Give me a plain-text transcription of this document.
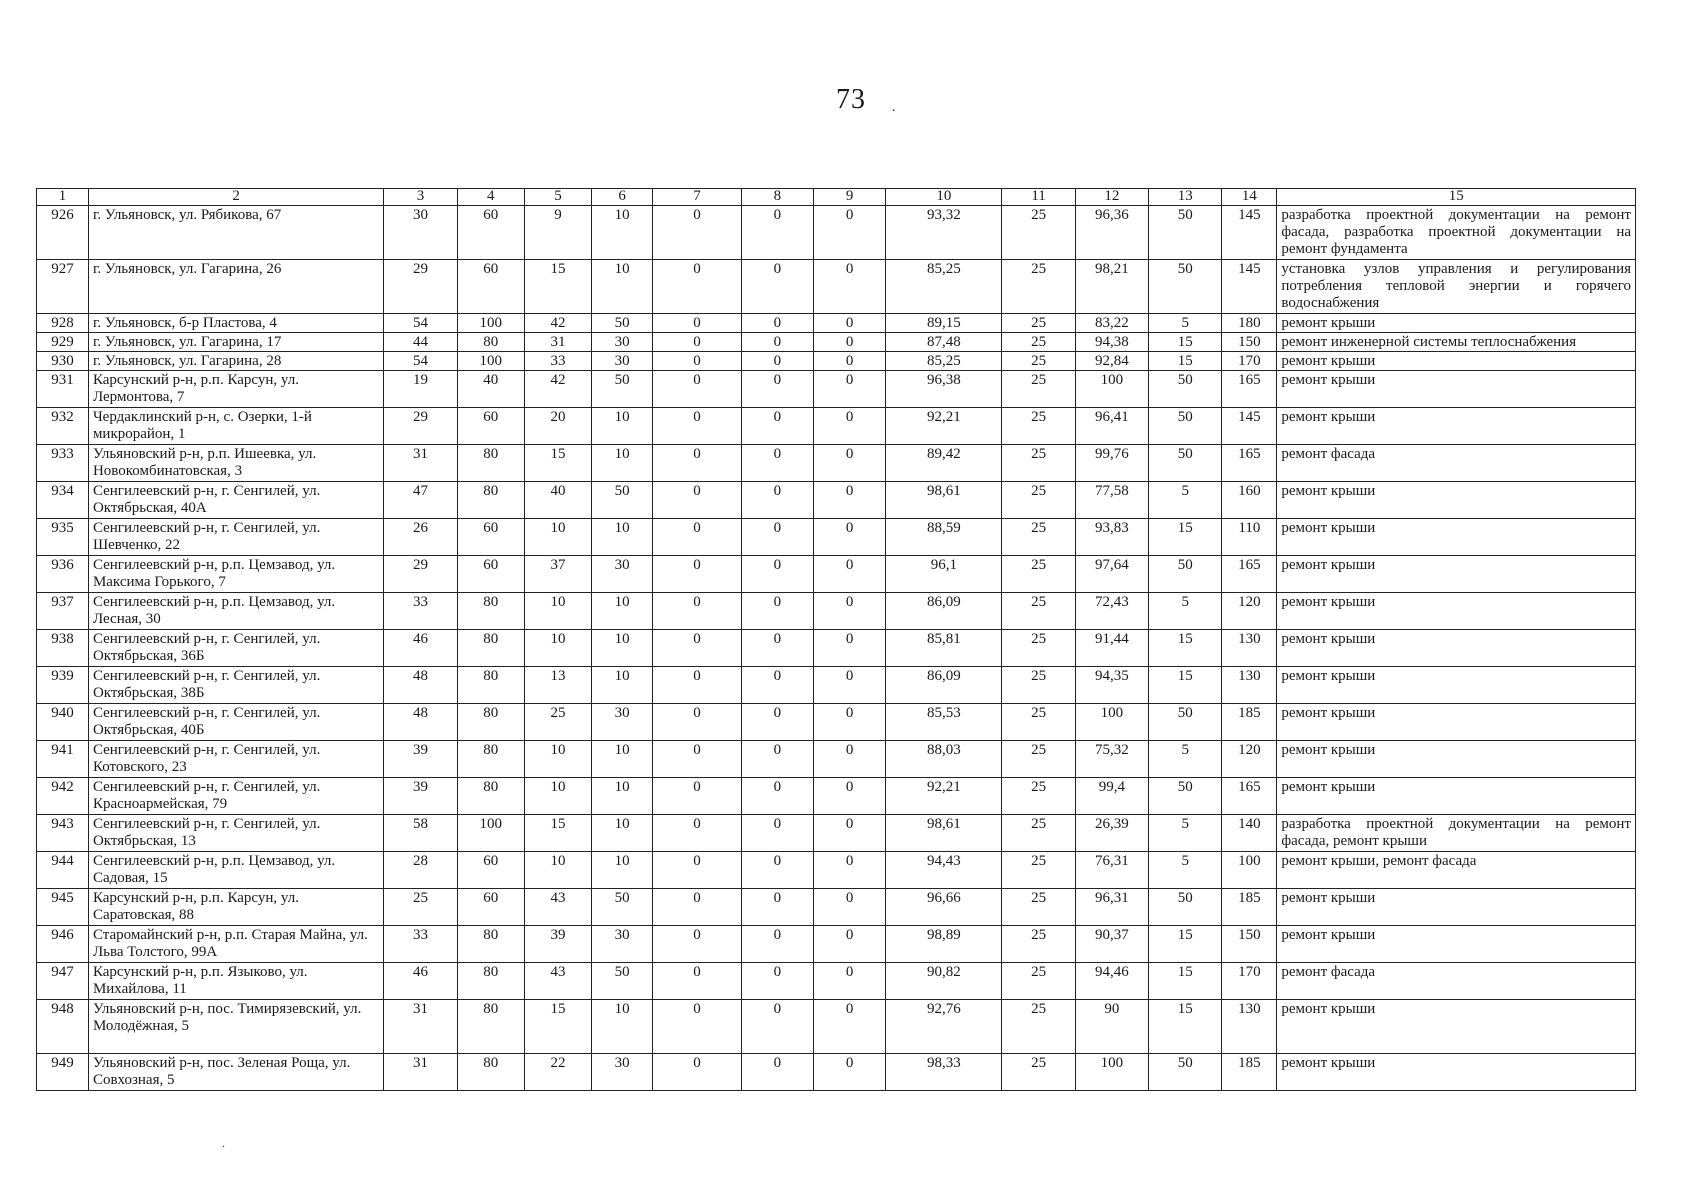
73 .
1	2	3	4	5	6	7	8	9	10	11	12	13	14	15
926	г. Ульяновск, ул. Рябикова, 67	30	60	9	10	0	0	0	93,32	25	96,36	50	145	разработка проектной документации на ремонт фасада, разработка проектной документации на ремонт фундамента
927	г. Ульяновск, ул. Гагарина, 26	29	60	15	10	0	0	0	85,25	25	98,21	50	145	установка узлов управления и регулирования потребления тепловой энергии и горячего водоснабжения
928	г. Ульяновск, б-р Пластова, 4	54	100	42	50	0	0	0	89,15	25	83,22	5	180	ремонт крыши
929	г. Ульяновск, ул. Гагарина, 17	44	80	31	30	0	0	0	87,48	25	94,38	15	150	ремонт инженерной системы теплоснабжения
930	г. Ульяновск, ул. Гагарина, 28	54	100	33	30	0	0	0	85,25	25	92,84	15	170	ремонт крыши
931	Карсунский р-н, р.п. Карсун, ул. Лермонтова, 7	19	40	42	50	0	0	0	96,38	25	100	50	165	ремонт крыши
932	Чердаклинский р-н, с. Озерки, 1-й микрорайон, 1	29	60	20	10	0	0	0	92,21	25	96,41	50	145	ремонт крыши
933	Ульяновский р-н, р.п. Ишеевка, ул. Новокомбинатовская, 3	31	80	15	10	0	0	0	89,42	25	99,76	50	165	ремонт фасада
934	Сенгилеевский р-н, г. Сенгилей, ул. Октябрьская, 40А	47	80	40	50	0	0	0	98,61	25	77,58	5	160	ремонт крыши
935	Сенгилеевский р-н, г. Сенгилей, ул. Шевченко, 22	26	60	10	10	0	0	0	88,59	25	93,83	15	110	ремонт крыши
936	Сенгилеевский р-н, р.п. Цемзавод, ул. Максима Горького, 7	29	60	37	30	0	0	0	96,1	25	97,64	50	165	ремонт крыши
937	Сенгилеевский р-н, р.п. Цемзавод, ул. Лесная, 30	33	80	10	10	0	0	0	86,09	25	72,43	5	120	ремонт крыши
938	Сенгилеевский р-н, г. Сенгилей, ул. Октябрьская, 36Б	46	80	10	10	0	0	0	85,81	25	91,44	15	130	ремонт крыши
939	Сенгилеевский р-н, г. Сенгилей, ул. Октябрьская, 38Б	48	80	13	10	0	0	0	86,09	25	94,35	15	130	ремонт крыши
940	Сенгилеевский р-н, г. Сенгилей, ул. Октябрьская, 40Б	48	80	25	30	0	0	0	85,53	25	100	50	185	ремонт крыши
941	Сенгилеевский р-н, г. Сенгилей, ул. Котовского, 23	39	80	10	10	0	0	0	88,03	25	75,32	5	120	ремонт крыши
942	Сенгилеевский р-н, г. Сенгилей, ул. Красноармейская, 79	39	80	10	10	0	0	0	92,21	25	99,4	50	165	ремонт крыши
943	Сенгилеевский р-н, г. Сенгилей, ул. Октябрьская, 13	58	100	15	10	0	0	0	98,61	25	26,39	5	140	разработка проектной документации на ремонт фасада, ремонт крыши
944	Сенгилеевский р-н, р.п. Цемзавод, ул. Садовая, 15	28	60	10	10	0	0	0	94,43	25	76,31	5	100	ремонт крыши, ремонт фасада
945	Карсунский р-н, р.п. Карсун, ул. Саратовская, 88	25	60	43	50	0	0	0	96,66	25	96,31	50	185	ремонт крыши
946	Старомайнский р-н, р.п. Старая Майна, ул. Льва Толстого, 99А	33	80	39	30	0	0	0	98,89	25	90,37	15	150	ремонт крыши
947	Карсунский р-н, р.п. Языково, ул. Михайлова, 11	46	80	43	50	0	0	0	90,82	25	94,46	15	170	ремонт фасада
948	Ульяновский р-н, пос. Тимирязевский, ул. Молодёжная, 5	31	80	15	10	0	0	0	92,76	25	90	15	130	ремонт крыши
949	Ульяновский р-н, пос. Зеленая Роща, ул. Совхозная, 5	31	80	22	30	0	0	0	98,33	25	100	50	185	ремонт крыши
.
